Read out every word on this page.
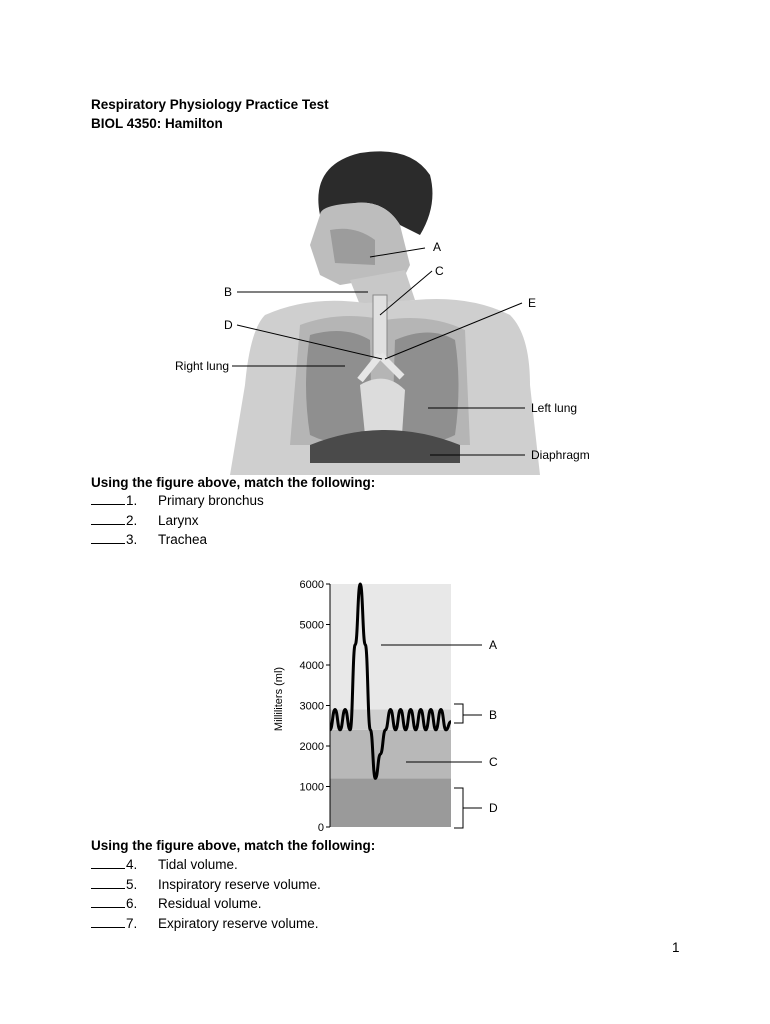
Respiratory Physiology Practice Test
BIOL 4350: Hamilton
A
C
B
E
D
Right lung
Left lung
Diaphragm
Using the figure above, match the following:
1.	Primary bronchus
2.	Larynx
3.	Trachea
0
1000
2000
3000
4000
5000
6000
Milliliters (ml)
A
B
C
D
Using the figure above, match the following:
4.	Tidal volume.
5.	Inspiratory reserve volume.
6.	Residual volume.
7.	Expiratory reserve volume.
1
